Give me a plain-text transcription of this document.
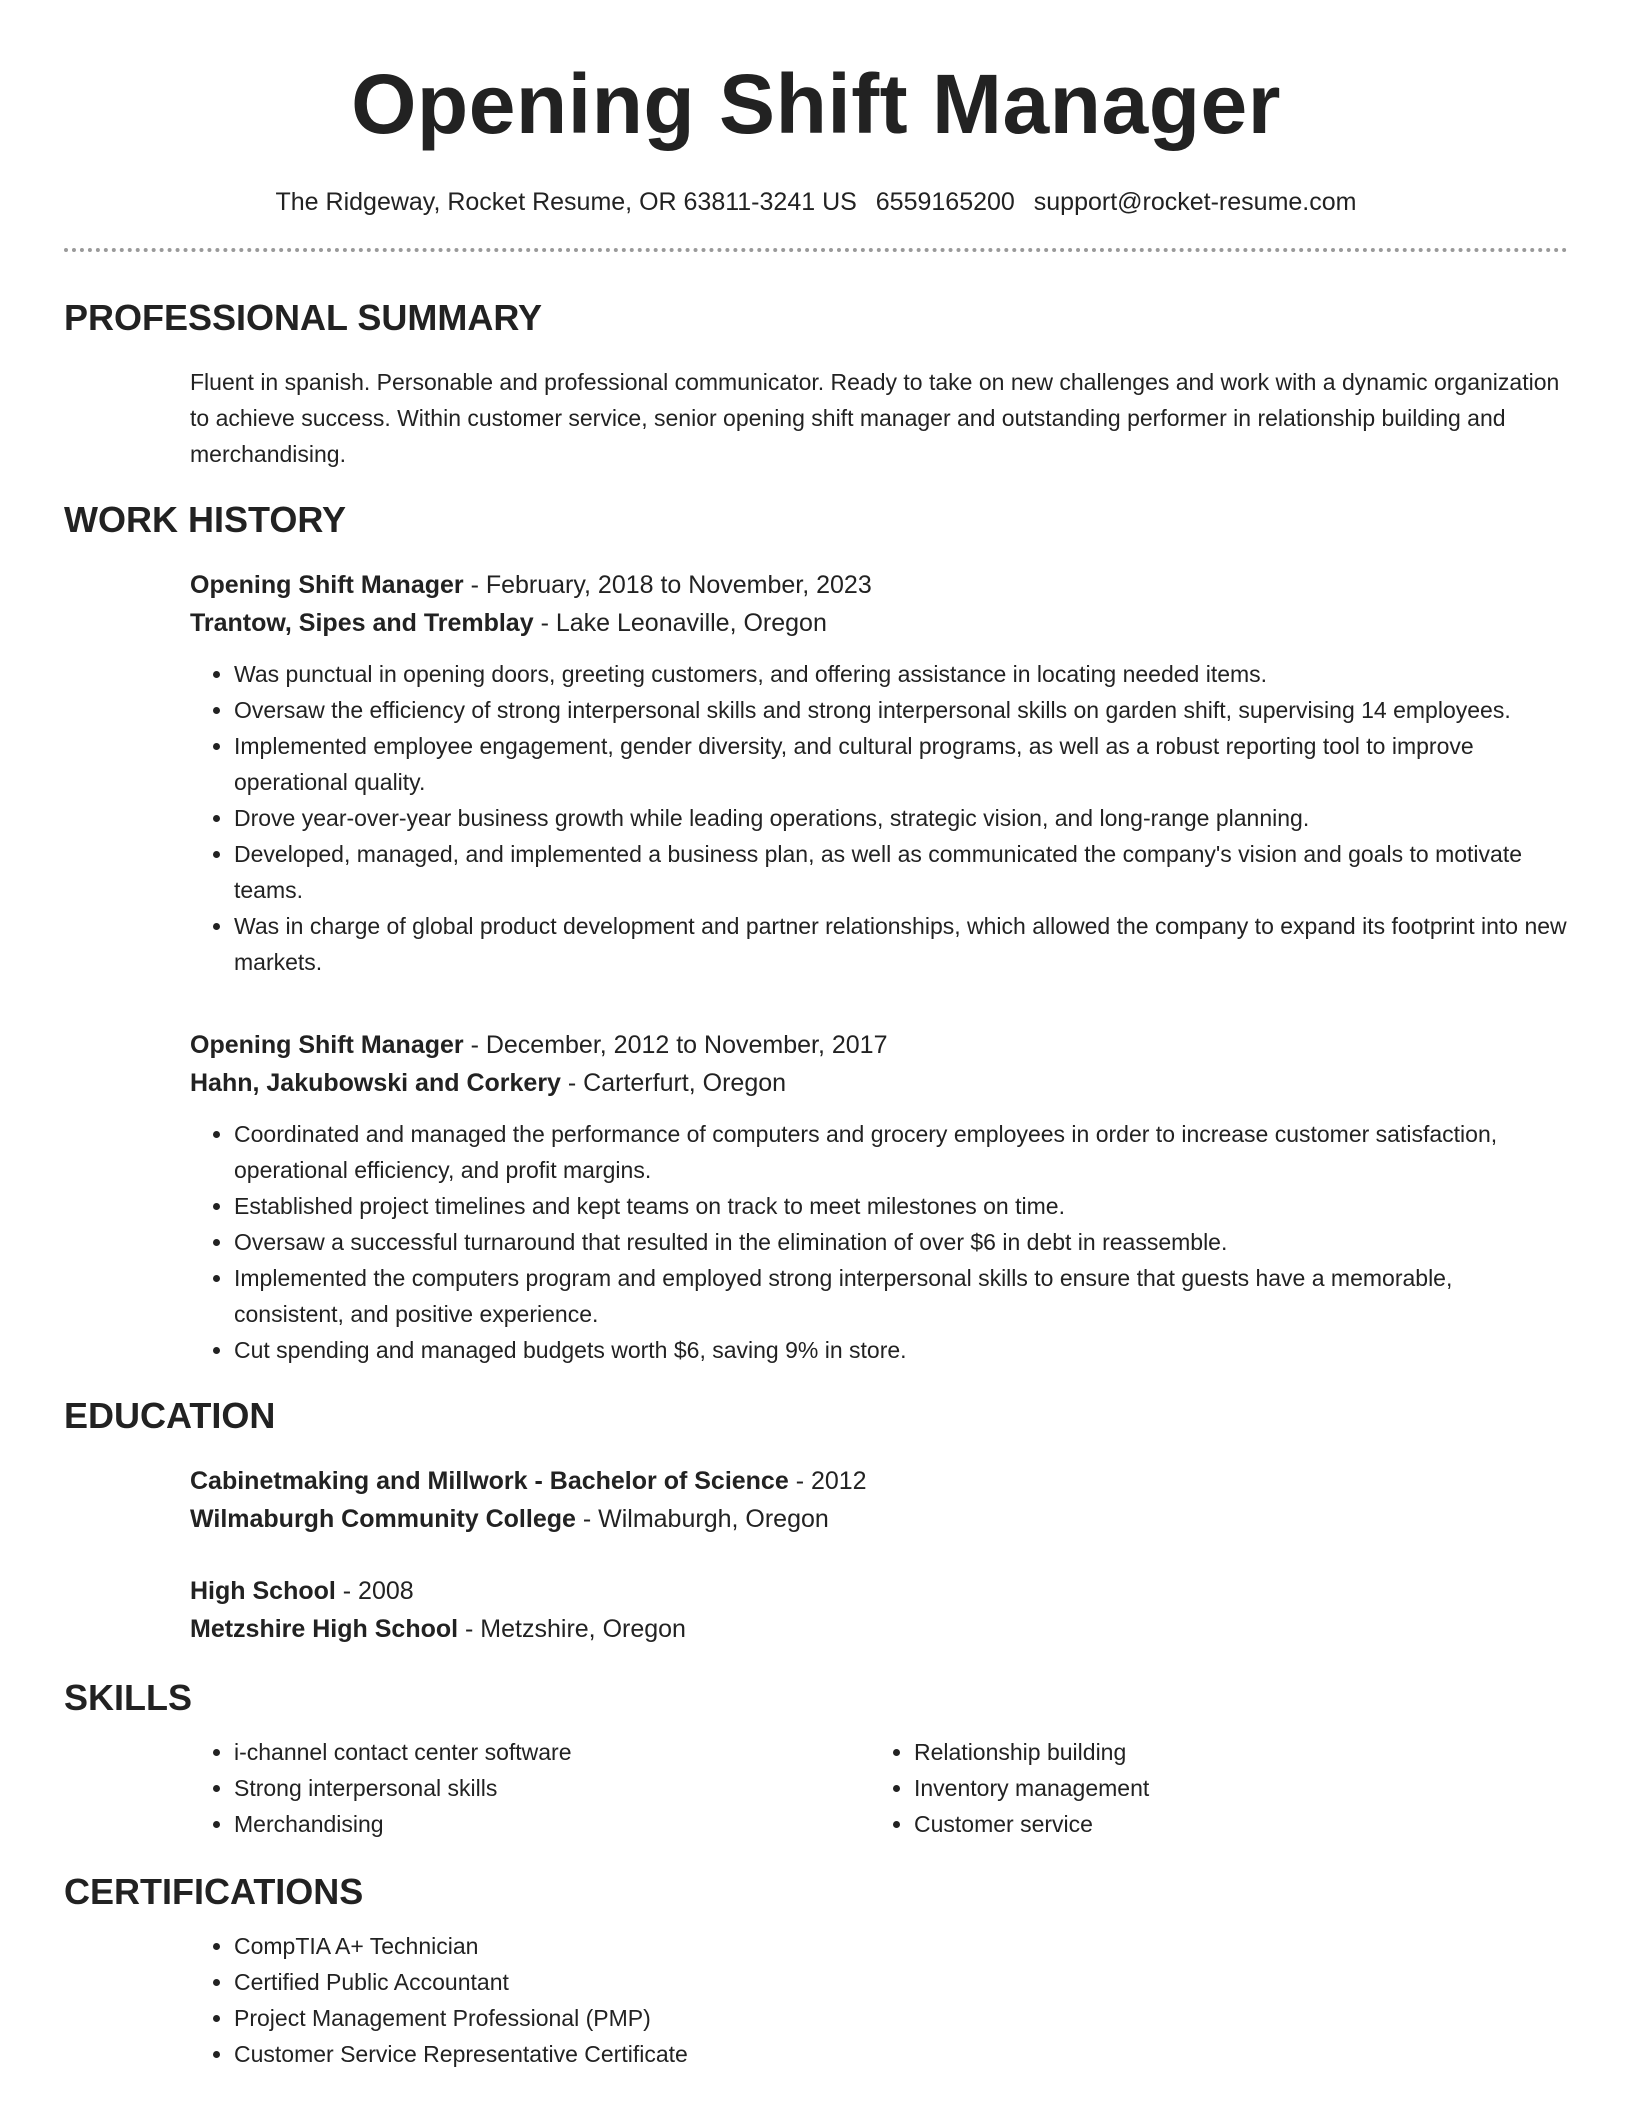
Opening Shift Manager
The Ridgeway, Rocket Resume, OR 63811-3241 US 6559165200 support@rocket-resume.com
PROFESSIONAL SUMMARY
Fluent in spanish. Personable and professional communicator. Ready to take on new challenges and work with a dynamic organization to achieve success. Within customer service, senior opening shift manager and outstanding performer in relationship building and merchandising.
WORK HISTORY
Opening Shift Manager - February, 2018 to November, 2023
Trantow, Sipes and Tremblay - Lake Leonaville, Oregon
• Was punctual in opening doors, greeting customers, and offering assistance in locating needed items.
• Oversaw the efficiency of strong interpersonal skills and strong interpersonal skills on garden shift, supervising 14 employees.
• Implemented employee engagement, gender diversity, and cultural programs, as well as a robust reporting tool to improve operational quality.
• Drove year-over-year business growth while leading operations, strategic vision, and long-range planning.
• Developed, managed, and implemented a business plan, as well as communicated the company's vision and goals to motivate teams.
• Was in charge of global product development and partner relationships, which allowed the company to expand its footprint into new markets.
Opening Shift Manager - December, 2012 to November, 2017
Hahn, Jakubowski and Corkery - Carterfurt, Oregon
• Coordinated and managed the performance of computers and grocery employees in order to increase customer satisfaction, operational efficiency, and profit margins.
• Established project timelines and kept teams on track to meet milestones on time.
• Oversaw a successful turnaround that resulted in the elimination of over $6 in debt in reassemble.
• Implemented the computers program and employed strong interpersonal skills to ensure that guests have a memorable, consistent, and positive experience.
• Cut spending and managed budgets worth $6, saving 9% in store.
EDUCATION
Cabinetmaking and Millwork - Bachelor of Science - 2012
Wilmaburgh Community College - Wilmaburgh, Oregon
High School - 2008
Metzshire High School - Metzshire, Oregon
SKILLS
• i-channel contact center software
• Strong interpersonal skills
• Merchandising
• Relationship building
• Inventory management
• Customer service
CERTIFICATIONS
• CompTIA A+ Technician
• Certified Public Accountant
• Project Management Professional (PMP)
• Customer Service Representative Certificate
